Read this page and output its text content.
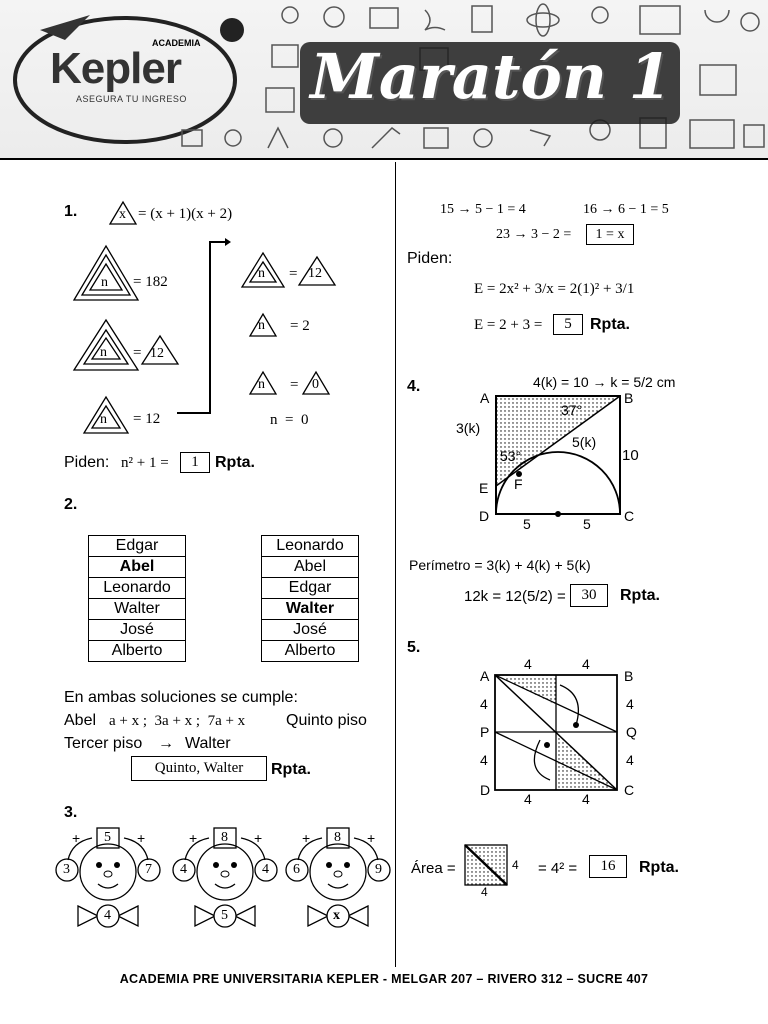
ACADEMIA
Kepler
ASEGURA TU INGRESO Maratón 1
1.	x = (x + 1)(x + 2)
n = 182
n = 12
n = 12
n = 12
n = 2
n = 0
n  =  0
Piden: n² + 1 =	1	Rpta.
15 → 5 − 1 = 4	16 → 6 − 1 = 5
23 → 3 − 2 =	1 = x
Piden:
E = 2x² + 3/x = 2(1)² + 3/1
E = 2 + 3 =	5	Rpta.
2.
Edgar
Abel
Leonardo
Walter
José
Alberto
Leonardo
Abel
Edgar
Walter
José
Alberto
En ambas soluciones se cumple:
Abel a + x ;  3a + x ;  7a + x	Quinto piso
Tercer piso → Walter
Quinto, Walter	Rpta.
3.
5
3	7
4
8
4	4
5
8
6	9
x
+	+	+	+	+	+
4.	4(k) = 10 → k = 5/2 cm
A	B
C
D
E F
3(k)
5(k)
10
37°
53°
5	5
Perímetro = 3(k) + 4(k) + 5(k)
12k = 12(5/2) =	30	Rpta.
5.
4	4
A	B
4	4
P	Q
4	4
D	C
4	4
Área =	4
4
= 4² =	16	Rpta.
ACADEMIA PRE UNIVERSITARIA KEPLER - MELGAR 207 – RIVERO 312 – SUCRE 407
